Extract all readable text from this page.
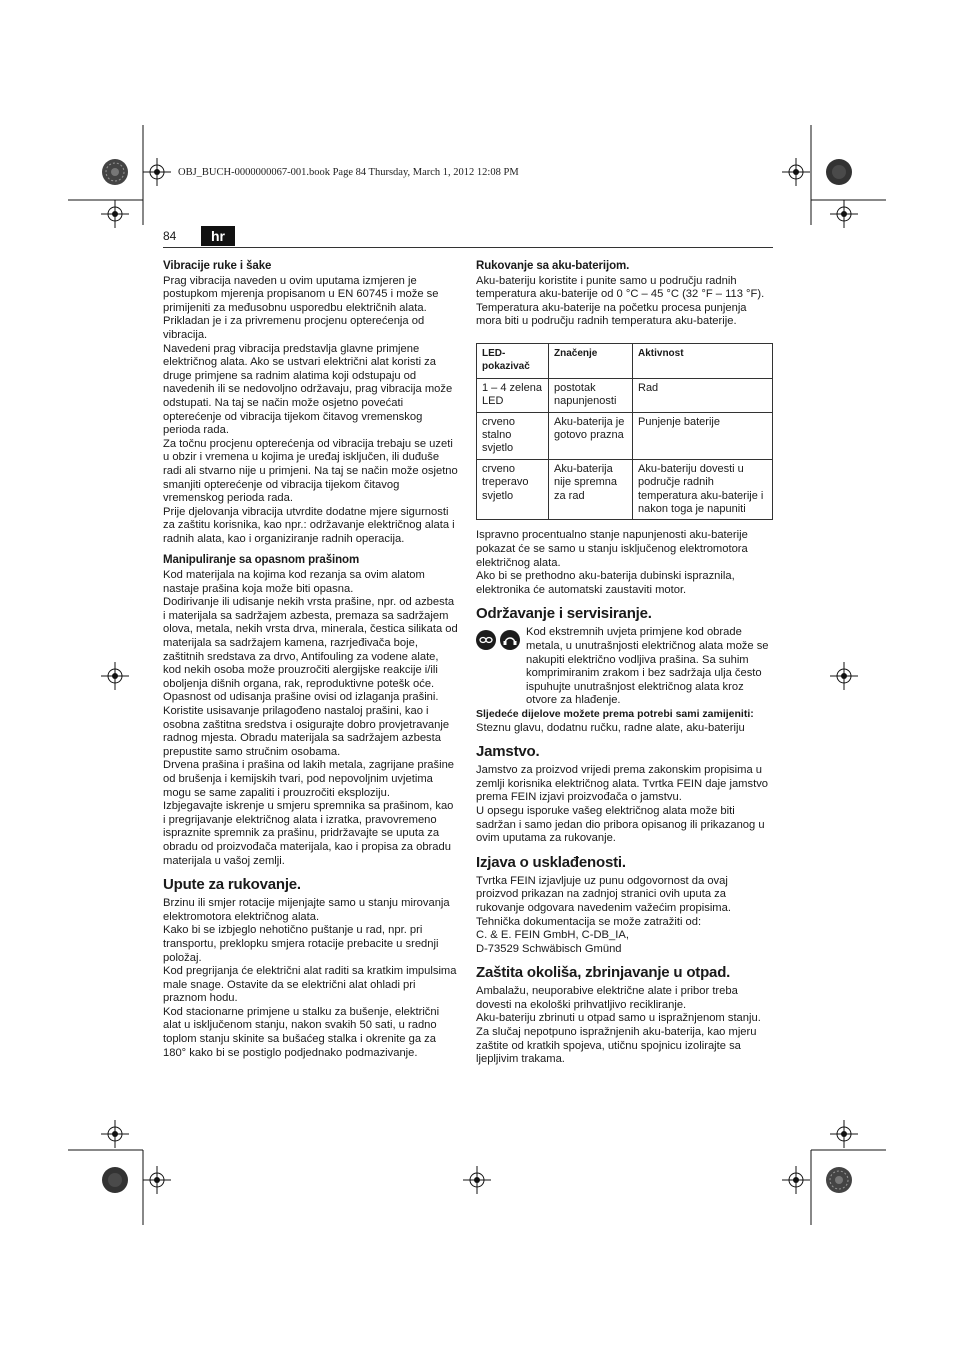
OBJ_BUCH-0000000067-001.book Page 84 Thursday, March 1, 2012 12:08 PM
84	hr

Vibracije ruke i šake

Prag vibracija naveden u ovim uputama izmjeren je postupkom mjerenja propisanom u EN 60745 i može se primijeniti za međusobnu usporedbu električnih alata. Prikladan je i za privremenu procjenu opterećenja od vibracija.

Navedeni prag vibracija predstavlja glavne primjene električnog alata. Ako se ustvari električni alat koristi za druge primjene sa radnim alatima koji odstupaju od navedenih ili se nedovoljno održavaju, prag vibracija može odstupati. Na taj se način može osjetno povećati opterećenje od vibracija tijekom čitavog vremenskog perioda rada.

Za točnu procjenu opterećenja od vibracija trebaju se uzeti u obzir i vremena u kojima je uređaj isključen, ili duđuše radi ali stvarno nije u primjeni. Na taj se način može osjetno smanjiti opterećenje od vibracija tijekom čitavog vremenskog perioda rada.

Prije djelovanja vibracija utvrdite dodatne mjere sigurnosti za zaštitu korisnika, kao npr.: održavanje električnog alata i radnih alata, kao i organiziranje radnih operacija.

Manipuliranje sa opasnom prašinom

Kod materijala na kojima kod rezanja sa ovim alatom nastaje prašina koja može biti opasna.

Dodirivanje ili udisanje nekih vrsta prašine, npr. od azbesta i materijala sa sadržajem azbesta, premaza sa sadržajem olova, metala, nekih vrsta drva, minerala, čestica silikata od materijala sa sadržajem kamena, razrjeđivača boje, zaštitnih sredstava za drvo, Antifouling za vodene alate, kod nekih osoba može prouzročiti alergijske reakcije i/ili oboljenja dišnih organa, rak, reproduktivne potešk oće. Opasnost od udisanja prašine ovisi od izlaganja prašini. Koristite usisavanje prilagođeno nastaloj prašini, kao i osobna zaštitna sredstva i osigurajte dobro provjetravanje radnog mjesta. Obradu materijala sa sadržajem azbesta prepustite samo stručnim osobama.

Drvena prašina i prašina od lakih metala, zagrijane prašine od brušenja i kemijskih tvari, pod nepovoljnim uvjetima mogu se same zapaliti i prouzročiti eksploziju.

Izbjegavajte iskrenje u smjeru spremnika sa prašinom, kao i pregrijavanje električnog alata i izratka, pravovremeno ispraznite spremnik za prašinu, pridržavajte se uputa za obradu od proizvođača materijala, kao i propisa za obradu materijala u vašoj zemlji.

Upute za rukovanje.

Brzinu ili smjer rotacije mijenjajte samo u stanju mirovanja elektromotora električnog alata.

Kako bi se izbjeglo nehotično puštanje u rad, npr. pri transportu, preklopku smjera rotacije prebacite u srednji položaj.

Kod pregrijanja će električni alat raditi sa kratkim impulsima male snage. Ostavite da se električni alat ohladi pri praznom hodu.

Kod stacionarne primjene u stalku za bušenje, električni alat u isključenom stanju, nakon svakih 50 sati, u radno toplom stanju skinite sa bušaćeg stalka i okrenite ga za 180° kako bi se postiglo podjednako podmazivanje.

Rukovanje sa aku-baterijom.

Aku-bateriju koristite i punite samo u području radnih temperatura aku-baterije od 0 °C – 45 °C (32 °F – 113 °F). Temperatura aku-baterije na početku procesa punjenja mora biti u području radnih temperatura aku-baterije.

LED-pokazivač	Značenje	Aktivnost
1 – 4 zelena LED	postotak napunjenosti	Rad
crveno stalno svjetlo	Aku-baterija je gotovo prazna	Punjenje baterije
crveno treperavo svjetlo	Aku-baterija nije spremna za rad	Aku-bateriju dovesti u područje radnih temperatura aku-baterije i nakon toga je napuniti

Ispravno procentualno stanje napunjenosti aku-baterije pokazat će se samo u stanju isključenog elektromotora električnog alata.

Ako bi se prethodno aku-baterija dubinski ispraznila, elektronika će automatski zaustaviti motor.

Održavanje i servisiranje.

Kod ekstremnih uvjeta primjene kod obrade metala, u unutrašnjosti električnog alata može se nakupiti električno vodljiva prašina. Sa suhim komprimiranim zrakom i bez sadržaja ulja često ispuhujte unutrašnjost električnog alata kroz otvore za hlađenje.

Sljedeće dijelove možete prema potrebi sami zamijeniti:

Steznu glavu, dodatnu ručku, radne alate, aku-bateriju

Jamstvo.

Jamstvo za proizvod vrijedi prema zakonskim propisima u zemlji korisnika električnog alata. Tvrtka FEIN daje jamstvo prema FEIN izjavi proizvođača o jamstvu.

U opsegu isporuke vašeg električnog alata može biti sadržan i samo jedan dio pribora opisanog ili prikazanog u ovim uputama za rukovanje.

Izjava o usklađenosti.

Tvrtka FEIN izjavljuje uz punu odgovornost da ovaj proizvod prikazan na zadnjoj stranici ovih uputa za rukovanje odgovara navedenim važećim propisima.

Tehnička dokumentacija se može zatražiti od:

C. & E. FEIN GmbH, C-DB_IA,

D-73529 Schwäbisch Gmünd

Zaštita okoliša, zbrinjavanje u otpad.

Ambalažu, neuporabive električne alate i pribor treba dovesti na ekološki prihvatljivo recikliranje.

Aku-bateriju zbrinuti u otpad samo u ispražnjenom stanju.

Za slučaj nepotpuno ispražnjenih aku-baterija, kao mjeru zaštite od kratkih spojeva, utičnu spojnicu izolirajte sa ljepljivim trakama.
